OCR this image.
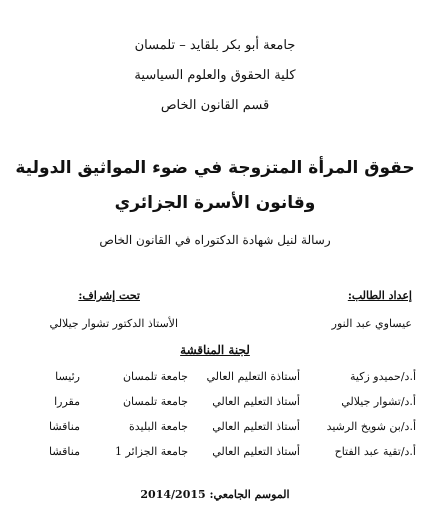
جامعة أبو بكر بلقايد – تلمسان
كلية الحقوق والعلوم السياسية
قسم القانون الخاص
حقوق المرأة المتزوجة في ضوء المواثيق الدولية
وقانون الأسرة الجزائري
رسالة لنيل شهادة الدكتوراه في القانون الخاص
إعداد الطالب:
تحت إشراف:
عيساوي عبد النور
الأستاذ الدكتور تشوار جيلالي
لجنة المناقشة
أ.د/حميدو زكية
أستاذة التعليم العالي
جامعة تلمسان
رئيسا
أ.د/تشوار جيلالي
أستاذ التعليم العالي
جامعة تلمسان
مقررا
أ.د/بن شويخ الرشيد
أستاذ التعليم العالي
جامعة البليدة
مناقشا
أ.د/تقية عبد الفتاح
أستاذ التعليم العالي
جامعة الجزائر 1
مناقشا
الموسم الجامعي: 2014/2015
